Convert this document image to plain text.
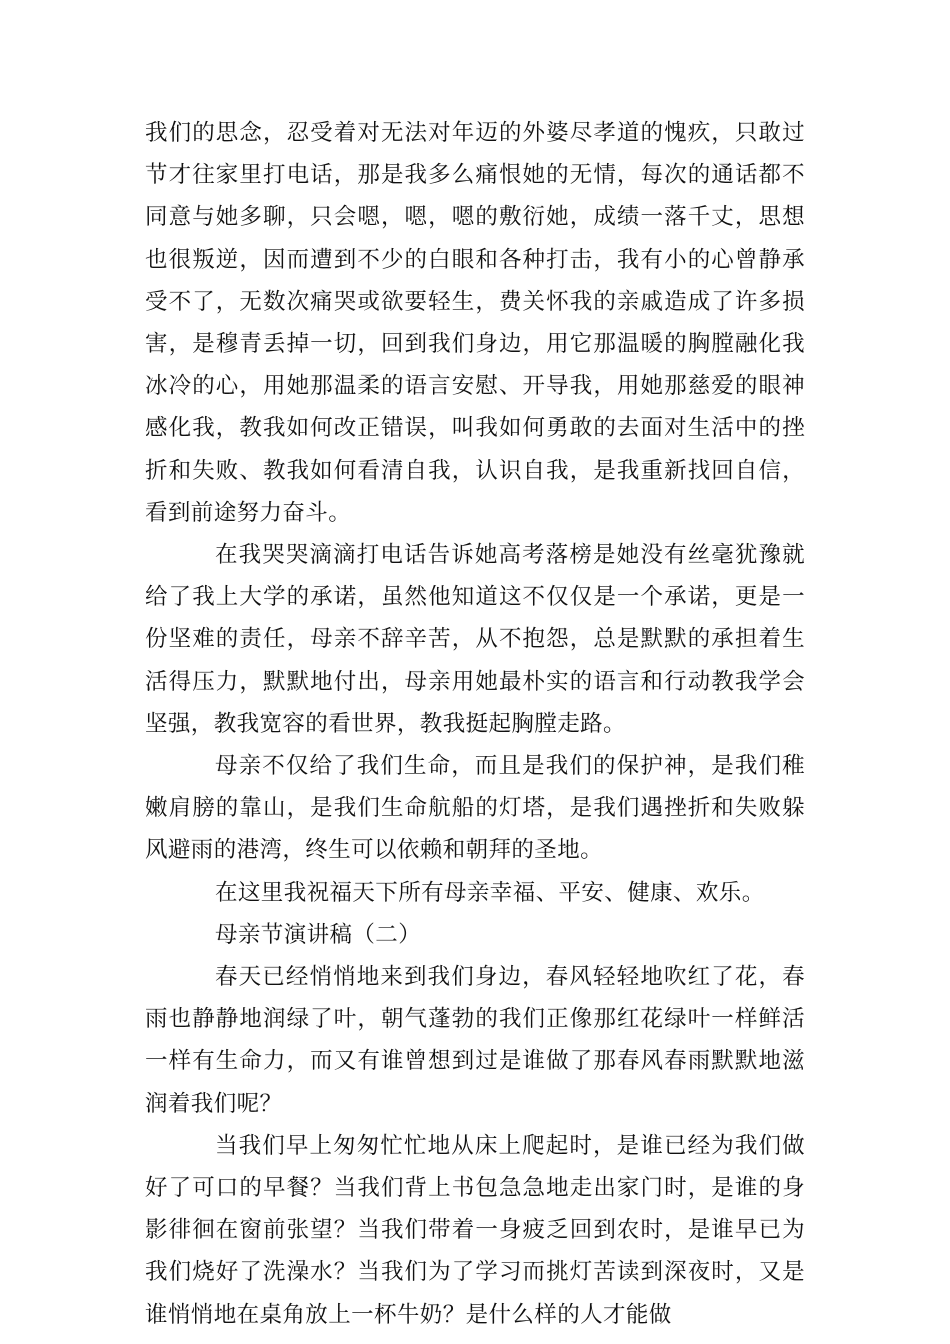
我们的思念，忍受着对无法对年迈的外婆尽孝道的愧疚，只敢过节才往家里打电话，那是我多么痛恨她的无情，每次的通话都不同意与她多聊，只会嗯，嗯，嗯的敷衍她，成绩一落千丈，思想也很叛逆，因而遭到不少的白眼和各种打击，我有小的心曾静承受不了，无数次痛哭或欲要轻生，费关怀我的亲戚造成了许多损害，是穆青丢掉一切，回到我们身边，用它那温暖的胸膛融化我冰冷的心，用她那温柔的语言安慰、开导我，用她那慈爱的眼神感化我，教我如何改正错误，叫我如何勇敢的去面对生活中的挫折和失败、教我如何看清自我，认识自我，是我重新找回自信，看到前途努力奋斗。

在我哭哭滴滴打电话告诉她高考落榜是她没有丝毫犹豫就给了我上大学的承诺，虽然他知道这不仅仅是一个承诺，更是一份坚难的责任，母亲不辞辛苦，从不抱怨，总是默默的承担着生活得压力，默默地付出，母亲用她最朴实的语言和行动教我学会坚强，教我宽容的看世界，教我挺起胸膛走路。

母亲不仅给了我们生命，而且是我们的保护神，是我们稚嫩肩膀的靠山，是我们生命航船的灯塔，是我们遇挫折和失败躲风避雨的港湾，终生可以依赖和朝拜的圣地。

在这里我祝福天下所有母亲幸福、平安、健康、欢乐。

母亲节演讲稿（二）

春天已经悄悄地来到我们身边，春风轻轻地吹红了花，春雨也静静地润绿了叶，朝气蓬勃的我们正像那红花绿叶一样鲜活一样有生命力，而又有谁曾想到过是谁做了那春风春雨默默地滋润着我们呢？

当我们早上匆匆忙忙地从床上爬起时，是谁已经为我们做好了可口的早餐？当我们背上书包急急地走出家门时，是谁的身影徘徊在窗前张望？当我们带着一身疲乏回到农时，是谁早已为我们烧好了洗澡水？当我们为了学习而挑灯苦读到深夜时，又是谁悄悄地在桌角放上一杯牛奶？是什么样的人才能做
